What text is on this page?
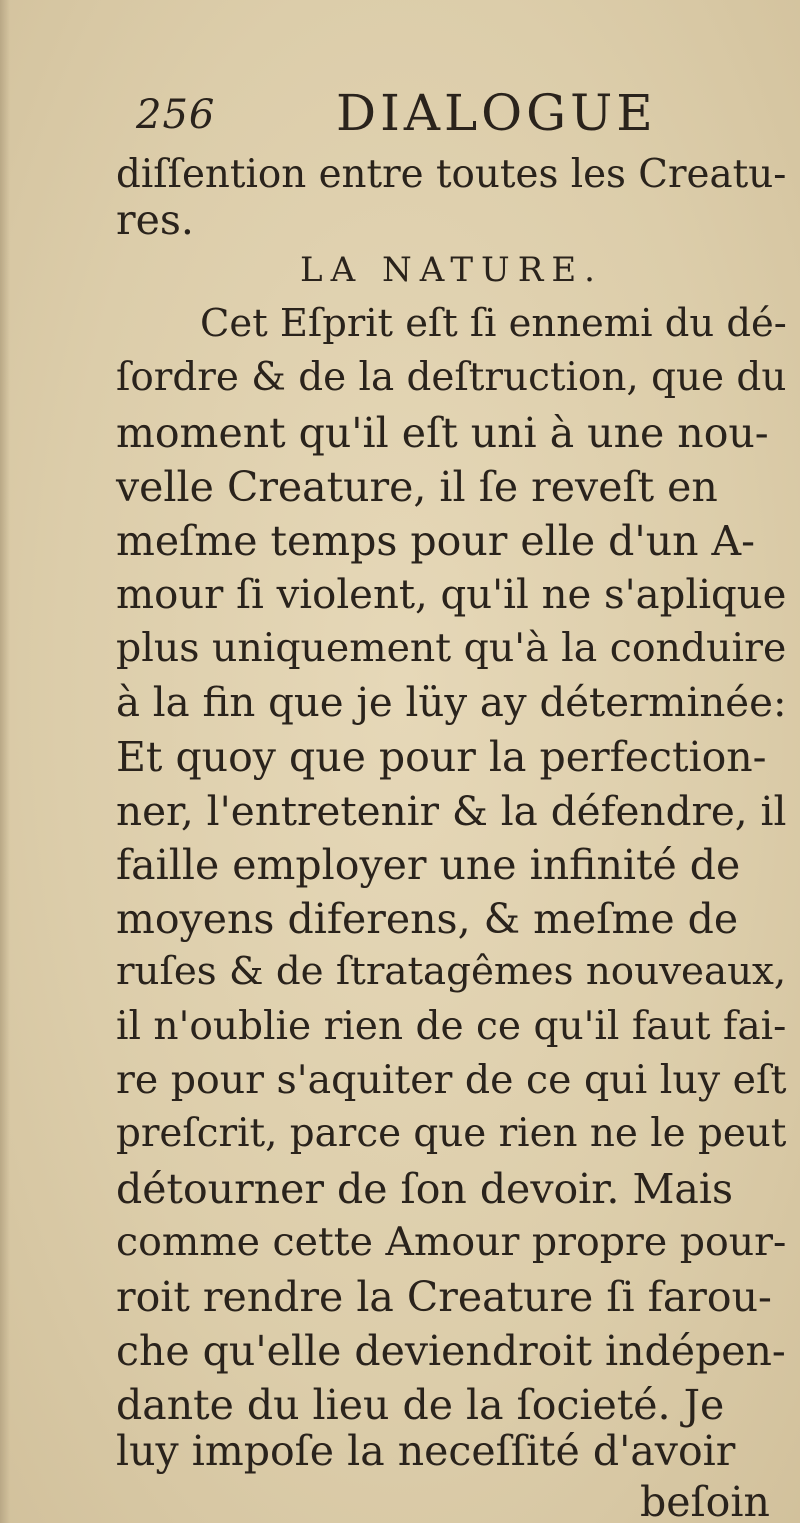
256 DIALOGUE
diſſention entre toutes les Creatu-
res.
LA NATURE.
Cet Eſprit eſt ſi ennemi du dé-
ſordre & de la deſtruction, que du
moment qu'il eſt uni à une nou-
velle Creature, il ſe reveſt en
meſme temps pour elle d'un A-
mour ſi violent, qu'il ne s'aplique
plus uniquement qu'à la conduire
à la fin que je lüy ay déterminée:
Et quoy que pour la perfection-
ner, l'entretenir & la défendre, il
faille employer une infinité de
moyens diferens, & meſme de
ruſes & de ſtratagêmes nouveaux,
il n'oublie rien de ce qu'il faut fai-
re pour s'aquiter de ce qui luy eſt
preſcrit, parce que rien ne le peut
détourner de ſon devoir. Mais
comme cette Amour propre pour-
roit rendre la Creature ſi farou-
che qu'elle deviendroit indépen-
dante du lieu de la ſocieté. Je
luy impoſe la neceſſité d'avoir
beſoin
